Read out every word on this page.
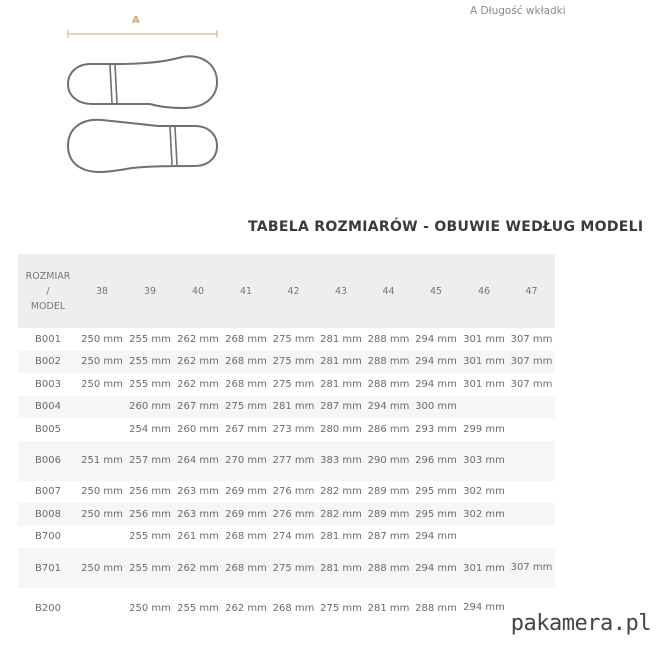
A
A Długość wkładki
TABELA ROZMIARÓW - OBUWIE WEDŁUG MODELI
ROZMIAR
/
MODEL	38	39	40	41	42	43	44	45	46	47
B001	250 mm	255 mm	262 mm	268 mm	275 mm	281 mm	288 mm	294 mm	301 mm	307 mm
B002	250 mm	255 mm	262 mm	268 mm	275 mm	281 mm	288 mm	294 mm	301 mm	307 mm
B003	250 mm	255 mm	262 mm	268 mm	275 mm	281 mm	288 mm	294 mm	301 mm	307 mm
B004		260 mm	267 mm	275 mm	281 mm	287 mm	294 mm	300 mm		
B005		254 mm	260 mm	267 mm	273 mm	280 mm	286 mm	293 mm	299 mm	
B006	251 mm	257 mm	264 mm	270 mm	277 mm	383 mm	290 mm	296 mm	303 mm	
B007	250 mm	256 mm	263 mm	269 mm	276 mm	282 mm	289 mm	295 mm	302 mm	
B008	250 mm	256 mm	263 mm	269 mm	276 mm	282 mm	289 mm	295 mm	302 mm	
B700		255 mm	261 mm	268 mm	274 mm	281 mm	287 mm	294 mm		
B701	250 mm	255 mm	262 mm	268 mm	275 mm	281 mm	288 mm	294 mm	301 mm	307 mm
B200		250 mm	255 mm	262 mm	268 mm	275 mm	281 mm	288 mm	294 mm	
pakamera.pl
